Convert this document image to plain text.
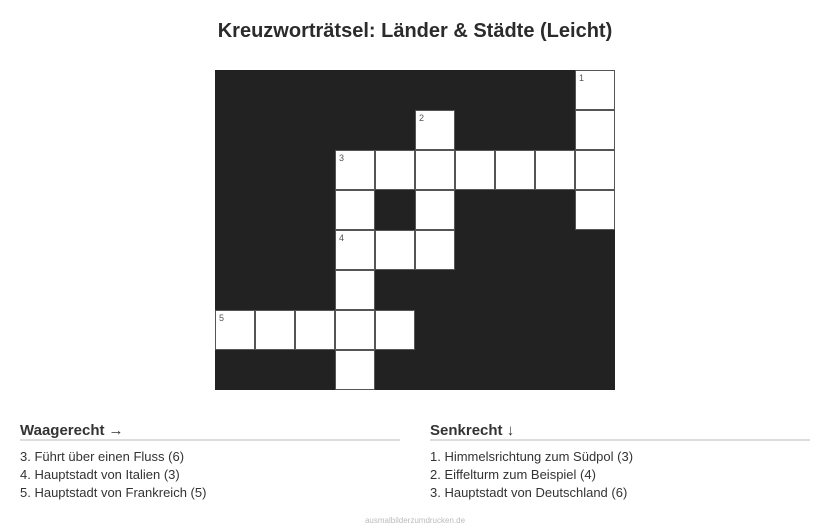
Kreuzworträtsel: Länder & Städte (Leicht)
1
2
3
4
5
Waagerecht →
3. Führt über einen Fluss (6)
4. Hauptstadt von Italien (3)
5. Hauptstadt von Frankreich (5)
Senkrecht ↓
1. Himmelsrichtung zum Südpol (3)
2. Eiffelturm zum Beispiel (4)
3. Hauptstadt von Deutschland (6)
ausmalbilderzumdrucken.de
